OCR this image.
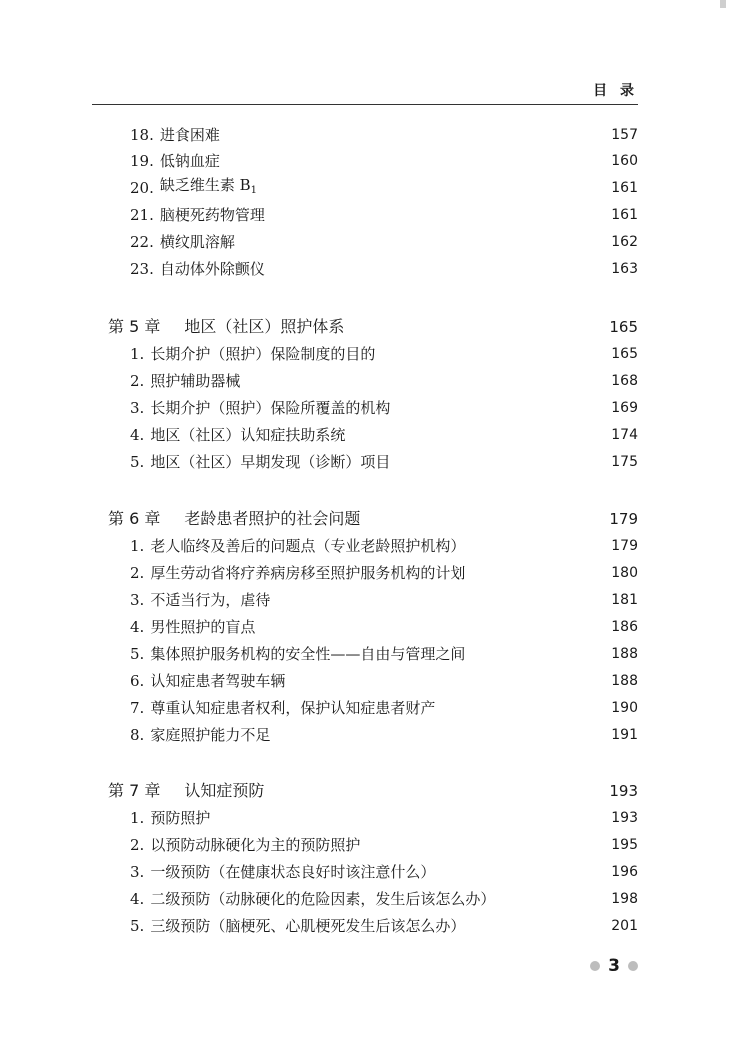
目 录
18. 进食困难	157
19. 低钠血症	160
20. 缺乏维生素 $B_1$	161
21. 脑梗死药物管理	161
22. 横纹肌溶解	162
23. 自动体外除颤仪	163
第 5 章 地区（社区）照护体系	165
1. 长期介护（照护）保险制度的目的	165
2. 照护辅助器械	168
3. 长期介护（照护）保险所覆盖的机构	169
4. 地区（社区）认知症扶助系统	174
5. 地区（社区）早期发现（诊断）项目	175
第 6 章 老龄患者照护的社会问题	179
1. 老人临终及善后的问题点（专业老龄照护机构）	179
2. 厚生劳动省将疗养病房移至照护服务机构的计划	180
3. 不适当行为，虐待	181
4. 男性照护的盲点	186
5. 集体照护服务机构的安全性——自由与管理之间	188
6. 认知症患者驾驶车辆	188
7. 尊重认知症患者权利，保护认知症患者财产	190
8. 家庭照护能力不足	191
第 7 章 认知症预防	193
1. 预防照护	193
2. 以预防动脉硬化为主的预防照护	195
3. 一级预防（在健康状态良好时该注意什么）	196
4. 二级预防（动脉硬化的危险因素，发生后该怎么办）	198
5. 三级预防（脑梗死、心肌梗死发生后该怎么办）	201
3
